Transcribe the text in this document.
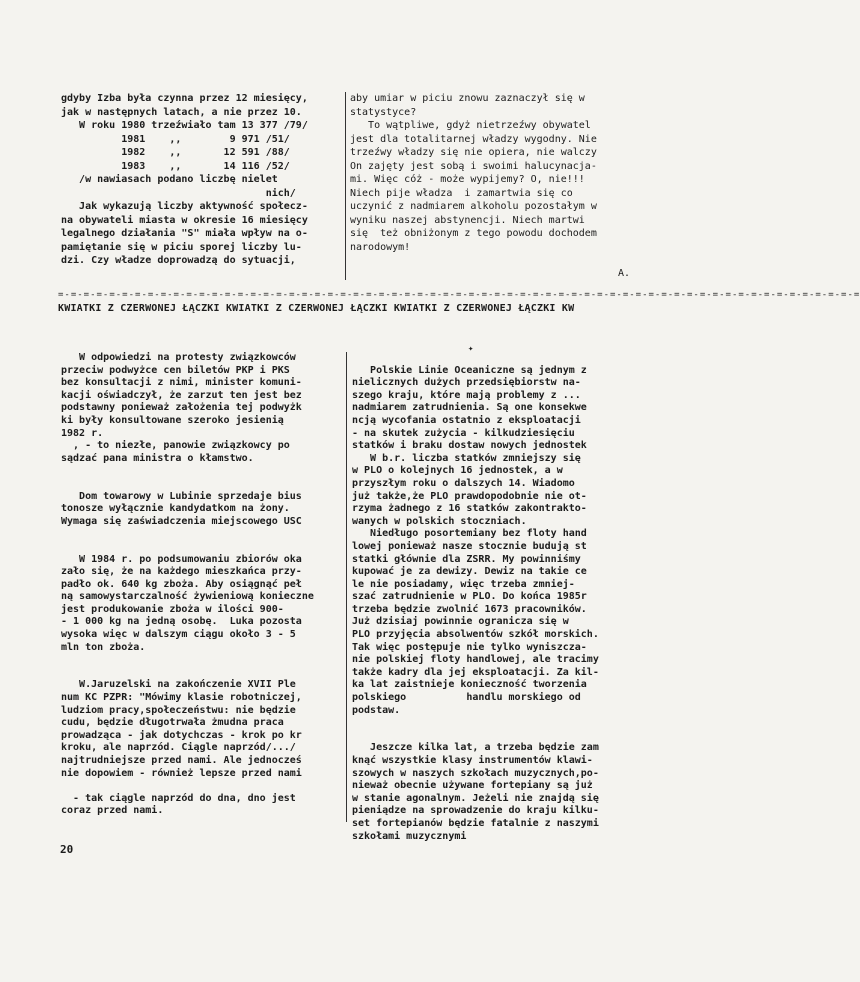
gdyby Izba była czynna przez 12 miesięcy,
jak w następnych latach, a nie przez 10.
W roku 1980 trzeźwiało tam 13 377 /79/
1981    ,,        9 971 /51/
1982    ,,       12 591 /88/
1983    ,,       14 116 /52/
/w nawiasach podano liczbę nielet
nich/
Jak wykazują liczby aktywność społecz-
na obywateli miasta w okresie 16 miesięcy
legalnego działania "S" miała wpływ na o-
pamiętanie się w piciu sporej liczby lu-
dzi. Czy władze doprowadzą do sytuacji,
aby umiar w piciu znowu zaznaczył się w
statystyce?
To wątpliwe, gdyż nietrzeźwy obywatel
jest dla totalitarnej władzy wygodny. Nie
trzeźwy władzy się nie opiera, nie walczy
On zajęty jest sobą i swoimi halucynacja-
mi. Więc cóż - może wypijemy? O, nie!!!
Niech pije władza  i zamartwia się co
uczynić z nadmiarem alkoholu pozostałym w
wyniku naszej abstynencji. Niech martwi
się  też obniżonym z tego powodu dochodem
narodowym!
A.
=-=-=-=-=-=-=-=-=-=-=-=-=-=-=-=-=-=-=-=-=-=-=-=-=-=-=-=-=-=-=-=-=-=-=-=-=-=-=-=-=-=-=-=-=-=-=-=-=-=-=-=-=-=-=-=-=-=-=-=-=-=-=
KWIATKI Z CZERWONEJ ŁĄCZKI KWIATKI Z CZERWONEJ ŁĄCZKI KWIATKI Z CZERWONEJ ŁĄCZKI KW
W odpowiedzi na protesty związkowców
przeciw podwyżce cen biletów PKP i PKS
bez konsultacji z nimi, minister komuni-
kacji oświadczył, że zarzut ten jest bez
podstawny ponieważ założenia tej podwyżk
ki były konsultowane szeroko jesienią
1982 r.
, - to niezłe, panowie związkowcy po
sądzać pana ministra o kłamstwo.

Dom towarowy w Lubinie sprzedaje bius
tonosze wyłącznie kandydatkom na żony.
Wymaga się zaświadczenia miejscowego USC

W 1984 r. po podsumowaniu zbiorów oka
zało się, że na każdego mieszkańca przy-
padło ok. 640 kg zboża. Aby osiągnąć peł
ną samowystarczalność żywieniową konieczne
jest produkowanie zboża w ilości 900-
- 1 000 kg na jedną osobę.  Luka pozosta
wysoka więc w dalszym ciągu około 3 - 5
mln ton zboża.

W.Jaruzelski na zakończenie XVII Ple
num KC PZPR: "Mówimy klasie robotniczej,
ludziom pracy,społeczeństwu: nie będzie
cudu, będzie długotrwała żmudna praca
prowadząca - jak dotychczas - krok po kr
kroku, ale naprzód. Ciągle naprzód/.../
najtrudniejsze przed nami. Ale jednocześ
nie dopowiem - również lepsze przed nami

- tak ciągle naprzód do dna, dno jest
coraz przed nami.
✦

Polskie Linie Oceaniczne są jednym z
nielicznych dużych przedsiębiorstw na-
szego kraju, które mają problemy z ...
nadmiarem zatrudnienia. Są one konsekwe
ncją wycofania ostatnio z eksploatacji
- na skutek zużycia - kilkudziesięciu
statków i braku dostaw nowych jednostek
W b.r. liczba statków zmniejszy się
w PLO o kolejnych 16 jednostek, a w
przyszłym roku o dalszych 14. Wiadomo
już także,że PLO prawdopodobnie nie ot-
rzyma żadnego z 16 statków zakontrakto-
wanych w polskich stoczniach.
Niedługo posortemiany bez floty hand
lowej ponieważ nasze stocznie budują st
statki głównie dla ZSRR. My powinniśmy
kupować je za dewizy. Dewiz na takie ce
le nie posiadamy, więc trzeba zmniej-
szać zatrudnienie w PLO. Do końca 1985r
trzeba będzie zwolnić 1673 pracowników.
Już dzisiaj powinnie ogranicza się w
PLO przyjęcia absolwentów szkół morskich.
Tak więc postępuje nie tylko wyniszcza-
nie polskiej floty handlowej, ale tracimy
także kadry dla jej eksploatacji. Za kil-
ka lat zaistnieje konieczność tworzenia
polskiego          handlu morskiego od
podstaw.

Jeszcze kilka lat, a trzeba będzie zam
knąć wszystkie klasy instrumentów klawi-
szowych w naszych szkołach muzycznych,po-
nieważ obecnie używane fortepiany są już
w stanie agonalnym. Jeżeli nie znajdą się
pieniądze na sprowadzenie do kraju kilku-
set fortepianów będzie fatalnie z naszymi
szkołami muzycznymi
20
